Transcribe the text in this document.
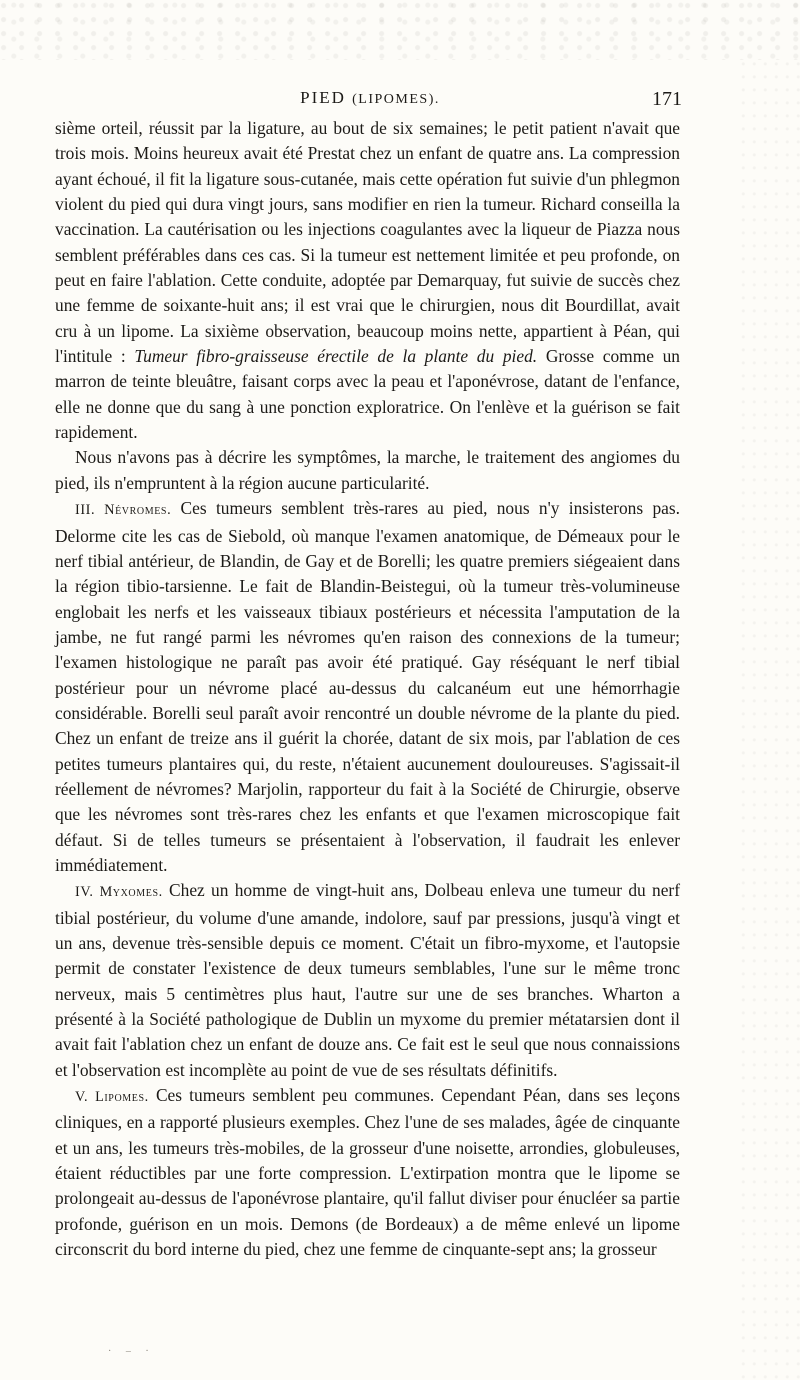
PIED (LIPOMES).	171

sième orteil, réussit par la ligature, au bout de six semaines; le petit patient n'avait que trois mois. Moins heureux avait été Prestat chez un enfant de quatre ans. La compression ayant échoué, il fit la ligature sous-cutanée, mais cette opération fut suivie d'un phlegmon violent du pied qui dura vingt jours, sans modifier en rien la tumeur. Richard conseilla la vaccination. La cautérisation ou les injections coagulantes avec la liqueur de Piazza nous semblent préférables dans ces cas. Si la tumeur est nettement limitée et peu profonde, on peut en faire l'ablation. Cette conduite, adoptée par Demarquay, fut suivie de succès chez une femme de soixante-huit ans; il est vrai que le chirurgien, nous dit Bourdillat, avait cru à un lipome. La sixième observation, beaucoup moins nette, appartient à Péan, qui l'intitule : Tumeur fibro-graisseuse érectile de la plante du pied. Grosse comme un marron de teinte bleuâtre, faisant corps avec la peau et l'aponévrose, datant de l'enfance, elle ne donne que du sang à une ponction exploratrice. On l'enlève et la guérison se fait rapidement.

Nous n'avons pas à décrire les symptômes, la marche, le traitement des angiomes du pied, ils n'empruntent à la région aucune particularité.

III. Névromes. Ces tumeurs semblent très-rares au pied, nous n'y insisterons pas. Delorme cite les cas de Siebold, où manque l'examen anatomique, de Démeaux pour le nerf tibial antérieur, de Blandin, de Gay et de Borelli; les quatre premiers siégeaient dans la région tibio-tarsienne. Le fait de Blandin-Beistegui, où la tumeur très-volumineuse englobait les nerfs et les vaisseaux tibiaux postérieurs et nécessita l'amputation de la jambe, ne fut rangé parmi les névromes qu'en raison des connexions de la tumeur; l'examen histologique ne paraît pas avoir été pratiqué. Gay réséquant le nerf tibial postérieur pour un névrome placé au-dessus du calcanéum eut une hémorrhagie considérable. Borelli seul paraît avoir rencontré un double névrome de la plante du pied. Chez un enfant de treize ans il guérit la chorée, datant de six mois, par l'ablation de ces petites tumeurs plantaires qui, du reste, n'étaient aucunement douloureuses. S'agissait-il réellement de névromes? Marjolin, rapporteur du fait à la Société de Chirurgie, observe que les névromes sont très-rares chez les enfants et que l'examen microscopique fait défaut. Si de telles tumeurs se présentaient à l'observation, il faudrait les enlever immédiatement.

IV. Myxomes. Chez un homme de vingt-huit ans, Dolbeau enleva une tumeur du nerf tibial postérieur, du volume d'une amande, indolore, sauf par pressions, jusqu'à vingt et un ans, devenue très-sensible depuis ce moment. C'était un fibro-myxome, et l'autopsie permit de constater l'existence de deux tumeurs semblables, l'une sur le même tronc nerveux, mais 5 centimètres plus haut, l'autre sur une de ses branches. Wharton a présenté à la Société pathologique de Dublin un myxome du premier métatarsien dont il avait fait l'ablation chez un enfant de douze ans. Ce fait est le seul que nous connaissions et l'observation est incomplète au point de vue de ses résultats définitifs.

V. Lipomes. Ces tumeurs semblent peu communes. Cependant Péan, dans ses leçons cliniques, en a rapporté plusieurs exemples. Chez l'une de ses malades, âgée de cinquante et un ans, les tumeurs très-mobiles, de la grosseur d'une noisette, arrondies, globuleuses, étaient réductibles par une forte compression. L'extirpation montra que le lipome se prolongeait au-dessus de l'aponévrose plantaire, qu'il fallut diviser pour énucléer sa partie profonde, guérison en un mois. Demons (de Bordeaux) a de même enlevé un lipome circonscrit du bord interne du pied, chez une femme de cinquante-sept ans; la grosseur

· – ·
